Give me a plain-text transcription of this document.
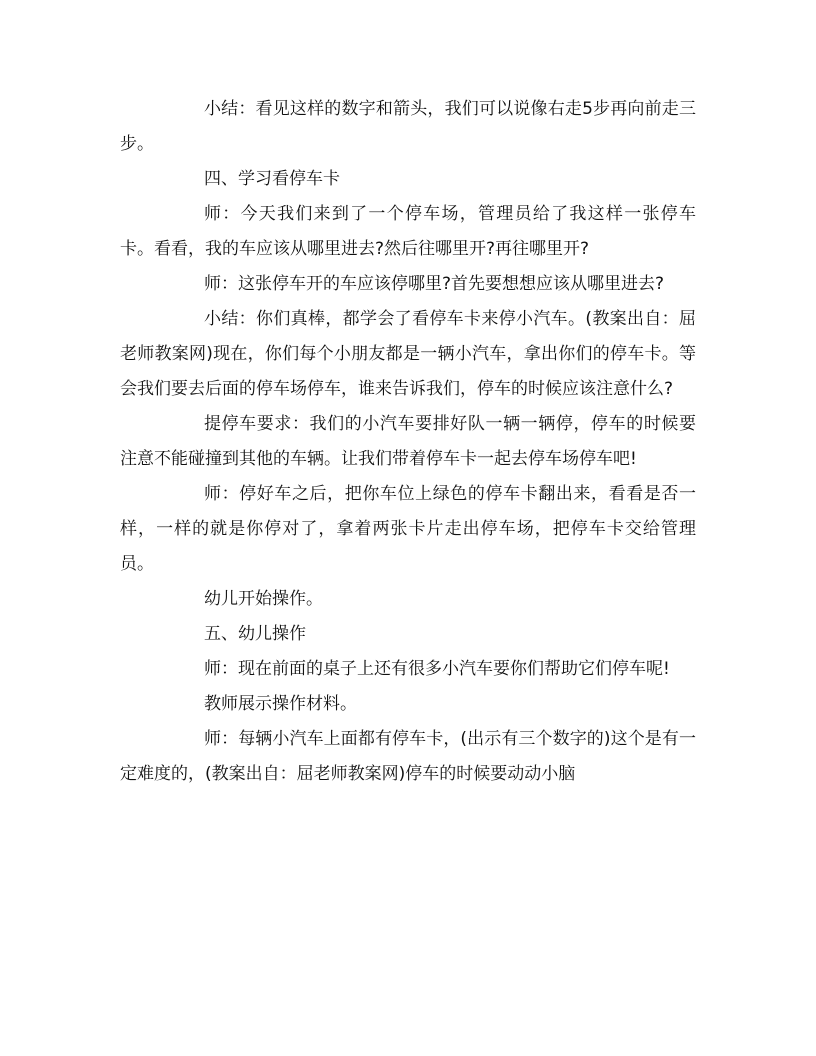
小结：看见这样的数字和箭头，我们可以说像右走5步再向前走三步。

四、学习看停车卡

师：今天我们来到了一个停车场，管理员给了我这样一张停车卡。看看，我的车应该从哪里进去?然后往哪里开?再往哪里开?

师：这张停车开的车应该停哪里?首先要想想应该从哪里进去?

小结：你们真棒，都学会了看停车卡来停小汽车。(教案出自：屈老师教案网)现在，你们每个小朋友都是一辆小汽车，拿出你们的停车卡。等会我们要去后面的停车场停车，谁来告诉我们，停车的时候应该注意什么?

提停车要求：我们的小汽车要排好队一辆一辆停，停车的时候要注意不能碰撞到其他的车辆。让我们带着停车卡一起去停车场停车吧!

师：停好车之后，把你车位上绿色的停车卡翻出来，看看是否一样，一样的就是你停对了，拿着两张卡片走出停车场，把停车卡交给管理员。

幼儿开始操作。

五、幼儿操作

师：现在前面的桌子上还有很多小汽车要你们帮助它们停车呢!

教师展示操作材料。

师：每辆小汽车上面都有停车卡，(出示有三个数字的)这个是有一定难度的，(教案出自：屈老师教案网)停车的时候要动动小脑
